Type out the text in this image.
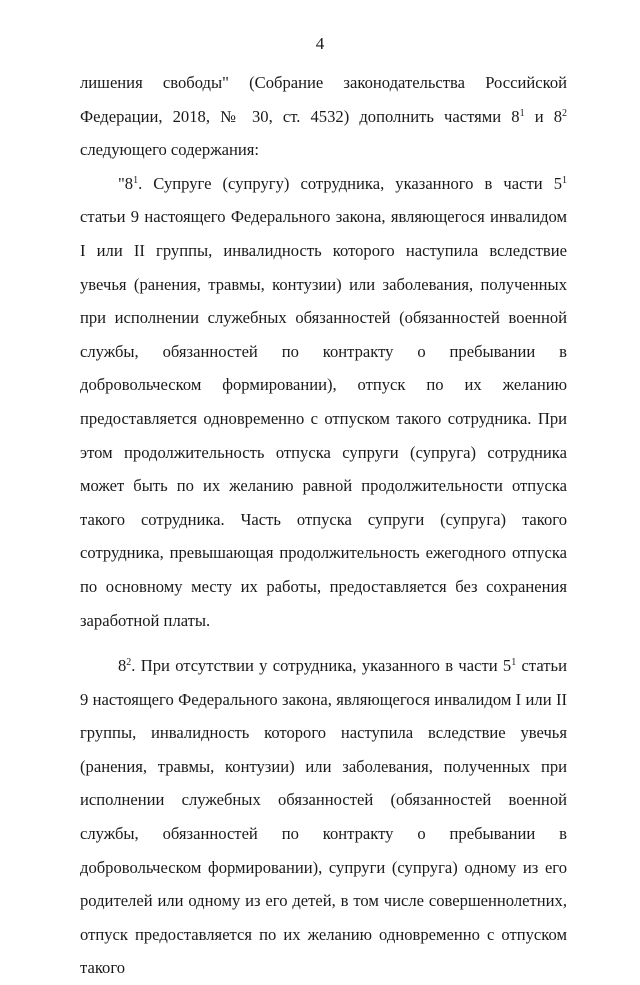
4

лишения свободы" (Собрание законодательства Российской Федерации, 2018, № 30, ст. 4532) дополнить частями $8^1$ и $8^2$ следующего содержания:

"$8^1$. Супруге (супругу) сотрудника, указанного в части $5^1$ статьи 9 настоящего Федерального закона, являющегося инвалидом I или II группы, инвалидность которого наступила вследствие увечья (ранения, травмы, контузии) или заболевания, полученных при исполнении служебных обязанностей (обязанностей военной службы, обязанностей по контракту о пребывании в добровольческом формировании), отпуск по их желанию предоставляется одновременно с отпуском такого сотрудника. При этом продолжительность отпуска супруги (супруга) сотрудника может быть по их желанию равной продолжительности отпуска такого сотрудника. Часть отпуска супруги (супруга) такого сотрудника, превышающая продолжительность ежегодного отпуска по основному месту их работы, предоставляется без сохранения заработной платы.

$8^2$. При отсутствии у сотрудника, указанного в части $5^1$ статьи 9 настоящего Федерального закона, являющегося инвалидом I или II группы, инвалидность которого наступила вследствие увечья (ранения, травмы, контузии) или заболевания, полученных при исполнении служебных обязанностей (обязанностей военной службы, обязанностей по контракту о пребывании в добровольческом формировании), супруги (супруга) одному из его родителей или одному из его детей, в том числе совершеннолетних, отпуск предоставляется по их желанию одновременно с отпуском такого
